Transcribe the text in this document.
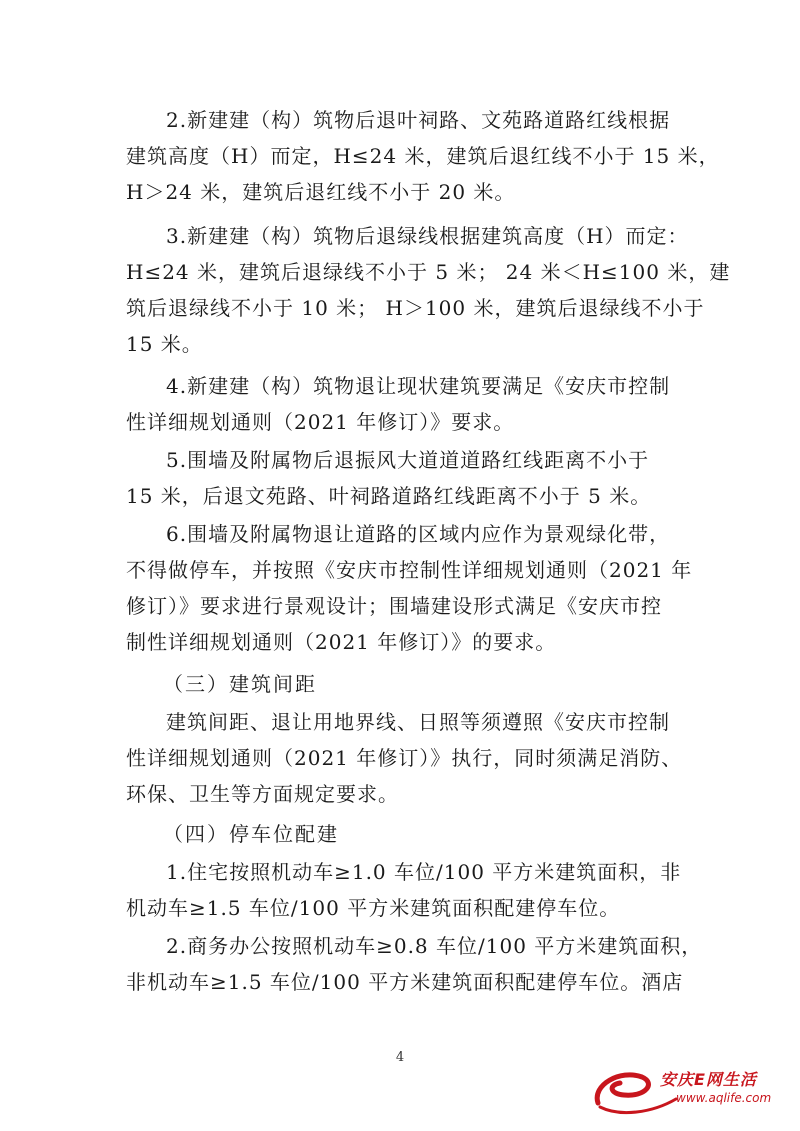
2.新建建（构）筑物后退叶祠路、文苑路道路红线根据
建筑高度（H）而定，H≤24 米，建筑后退红线不小于 15 米，
H＞24 米，建筑后退红线不小于 20 米。

3.新建建（构）筑物后退绿线根据建筑高度（H）而定：
H≤24 米，建筑后退绿线不小于 5 米； 24 米＜H≤100 米，建
筑后退绿线不小于 10 米； H＞100 米，建筑后退绿线不小于
15 米。

4.新建建（构）筑物退让现状建筑要满足《安庆市控制
性详细规划通则（2021 年修订）》要求。

5.围墙及附属物后退振风大道道道路红线距离不小于
15 米，后退文苑路、叶祠路道路红线距离不小于 5 米。

6.围墙及附属物退让道路的区域内应作为景观绿化带，
不得做停车，并按照《安庆市控制性详细规划通则（2021 年
修订）》要求进行景观设计；围墙建设形式满足《安庆市控
制性详细规划通则（2021 年修订）》的要求。

（三）建筑间距

建筑间距、退让用地界线、日照等须遵照《安庆市控制
性详细规划通则（2021 年修订）》执行，同时须满足消防、
环保、卫生等方面规定要求。

（四）停车位配建

1.住宅按照机动车≥1.0 车位/100 平方米建筑面积，非
机动车≥1.5 车位/100 平方米建筑面积配建停车位。

2.商务办公按照机动车≥0.8 车位/100 平方米建筑面积，
非机动车≥1.5 车位/100 平方米建筑面积配建停车位。酒店

4
安庆E网生活
www.aqlife.com
